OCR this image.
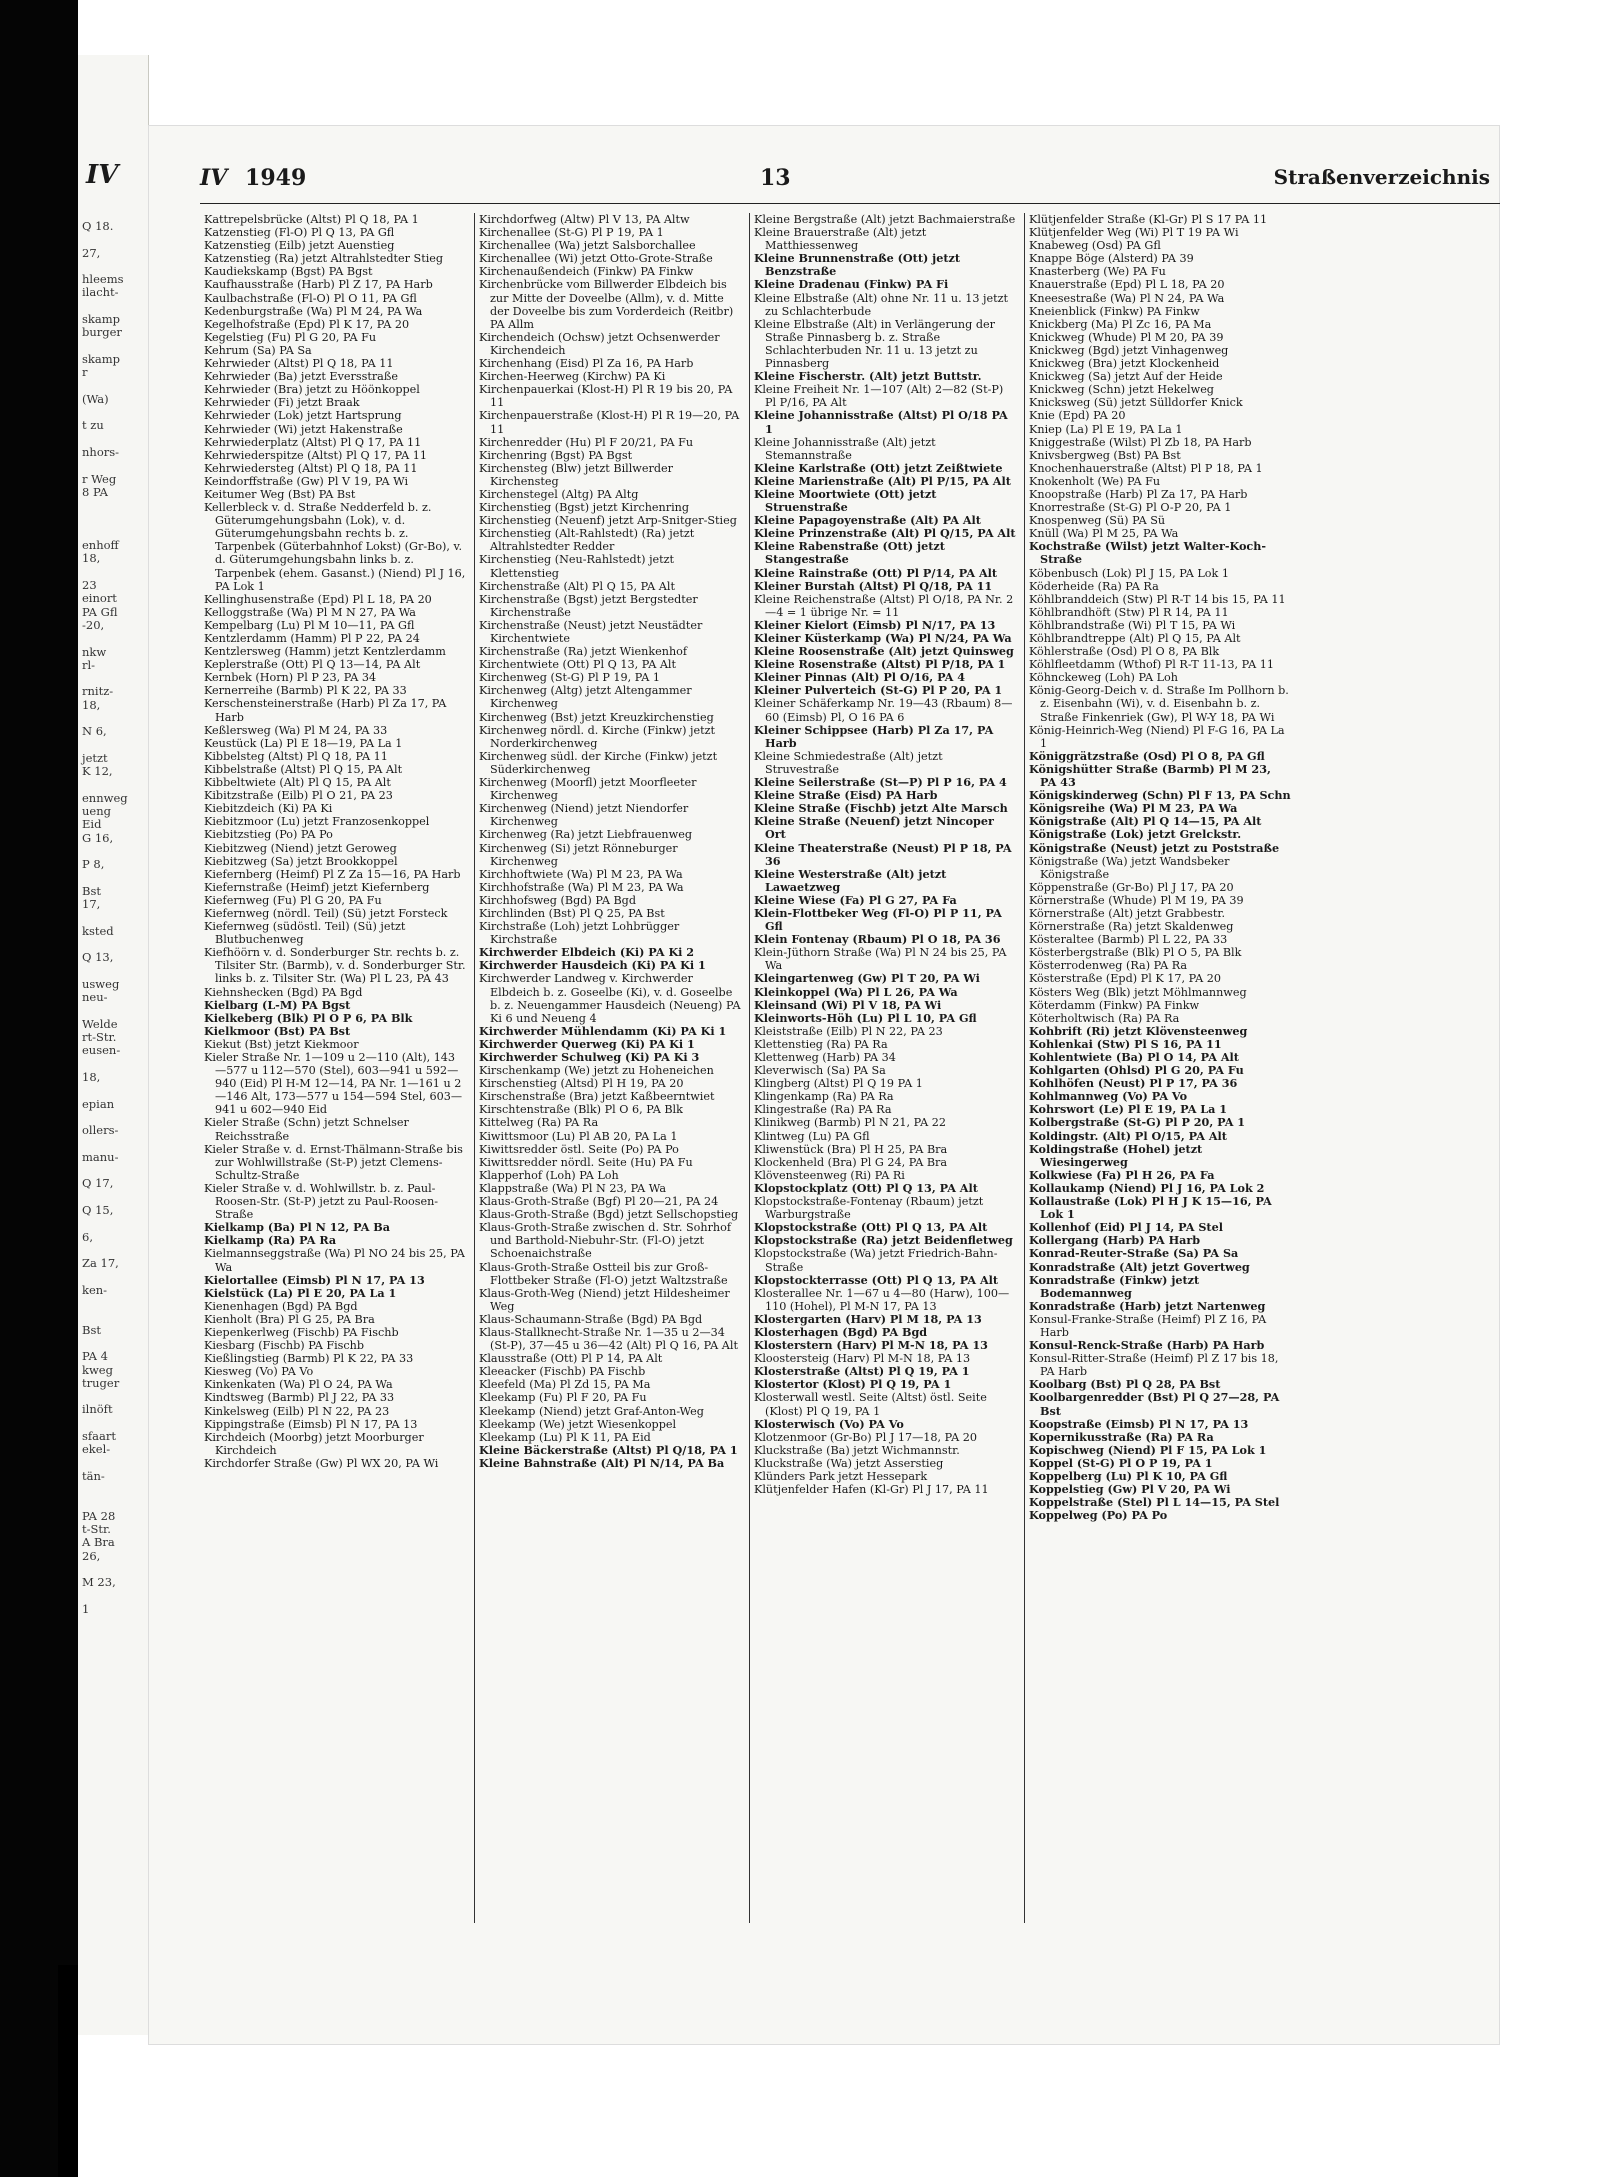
IV
Q 18.
27,
hleems
ilacht-
skamp
burger
skamp
r
(Wa)
t zu
nhors-
r Weg
8 PA
enhoff
18,
23
einort
PA Gfl
-20,
nkw
rl-
rnitz-
18,
N 6,
jetzt
K 12,
ennweg
ueng
Eid
G 16,
P 8,
Bst
17,
ksted
Q 13,
usweg
neu-
Welde
rt-Str.
eusen-
18,
epian
ollers-
manu-
Q 17,
Q 15,
6,
Za 17,
ken-
Bst
PA 4
kweg
truger
ilnöft
sfaart
ekel-
tän-
PA 28
t-Str.
A Bra
26,
M 23,
1
IV 1949	13	Straßenverzeichnis

Kattrepelsbrücke (Altst) Pl Q 18, PA 1

Katzenstieg (Fl-O) Pl Q 13, PA Gfl

Katzenstieg (Eilb) jetzt Auenstieg

Katzenstieg (Ra) jetzt Altrahlstedter Stieg

Kaudiekskamp (Bgst) PA Bgst

Kaufhausstraße (Harb) Pl Z 17, PA Harb

Kaulbachstraße (Fl-O) Pl O 11, PA Gfl

Kedenburgstraße (Wa) Pl M 24, PA Wa

Kegelhofstraße (Epd) Pl K 17, PA 20

Kegelstieg (Fu) Pl G 20, PA Fu

Kehrum (Sa) PA Sa

Kehrwieder (Altst) Pl Q 18, PA 11

Kehrwieder (Ba) jetzt Eversstraße

Kehrwieder (Bra) jetzt zu Höönkoppel

Kehrwieder (Fi) jetzt Braak

Kehrwieder (Lok) jetzt Hartsprung

Kehrwieder (Wi) jetzt Hakenstraße

Kehrwiederplatz (Altst) Pl Q 17, PA 11

Kehrwiederspitze (Altst) Pl Q 17, PA 11

Kehrwiedersteg (Altst) Pl Q 18, PA 11

Keindorffstraße (Gw) Pl V 19, PA Wi

Keitumer Weg (Bst) PA Bst

Kellerbleck v. d. Straße Nedderfeld b. z. Güterumgehungsbahn (Lok), v. d. Güterumgehungsbahn rechts b. z. Tarpenbek (Güterbahnhof Lokst) (Gr-Bo), v. d. Güterumgehungsbahn links b. z. Tarpenbek (ehem. Gasanst.) (Niend) Pl J 16, PA Lok 1

Kellinghusenstraße (Epd) Pl L 18, PA 20

Kelloggstraße (Wa) Pl M N 27, PA Wa

Kempelbarg (Lu) Pl M 10—11, PA Gfl

Kentzlerdamm (Hamm) Pl P 22, PA 24

Kentzlersweg (Hamm) jetzt Kentzlerdamm

Keplerstraße (Ott) Pl Q 13—14, PA Alt

Kernbek (Horn) Pl P 23, PA 34

Kernerreihe (Barmb) Pl K 22, PA 33

Kerschensteinerstraße (Harb) Pl Za 17, PA Harb

Keßlersweg (Wa) Pl M 24, PA 33

Keustück (La) Pl E 18—19, PA La 1

Kibbelsteg (Altst) Pl Q 18, PA 11

Kibbelstraße (Altst) Pl Q 15, PA Alt

Kibbeltwiete (Alt) Pl Q 15, PA Alt

Kibitzstraße (Eilb) Pl O 21, PA 23

Kiebitzdeich (Ki) PA Ki

Kiebitzmoor (Lu) jetzt Franzosenkoppel

Kiebitzstieg (Po) PA Po

Kiebitzweg (Niend) jetzt Geroweg

Kiebitzweg (Sa) jetzt Brookkoppel

Kiefernberg (Heimf) Pl Z Za 15—16, PA Harb

Kiefernstraße (Heimf) jetzt Kiefernberg

Kiefernweg (Fu) Pl G 20, PA Fu

Kiefernweg (nördl. Teil) (Sü) jetzt Forsteck

Kiefernweg (südöstl. Teil) (Sü) jetzt Blutbuchenweg

Kiefhöörn v. d. Sonderburger Str. rechts b. z. Tilsiter Str. (Barmb), v. d. Sonderburger Str. links b. z. Tilsiter Str. (Wa) Pl L 23, PA 43

Kiehnshecken (Bgd) PA Bgd

Kielbarg (L-M) PA Bgst

Kielkeberg (Blk) Pl O P 6, PA Blk

Kielkmoor (Bst) PA Bst

Kiekut (Bst) jetzt Kiekmoor

Kieler Straße Nr. 1—109 u 2—110 (Alt), 143—577 u 112—570 (Stel), 603—941 u 592—940 (Eid) Pl H-M 12—14, PA Nr. 1—161 u 2—146 Alt, 173—577 u 154—594 Stel, 603—941 u 602—940 Eid

Kieler Straße (Schn) jetzt Schnelser Reichsstraße

Kieler Straße v. d. Ernst-Thälmann-Straße bis zur Wohlwillstraße (St-P) jetzt Clemens-Schultz-Straße

Kieler Straße v. d. Wohlwillstr. b. z. Paul-Roosen-Str. (St-P) jetzt zu Paul-Roosen-Straße

Kielkamp (Ba) Pl N 12, PA Ba

Kielkamp (Ra) PA Ra

Kielmannseggstraße (Wa) Pl NO 24 bis 25, PA Wa

Kielortallee (Eimsb) Pl N 17, PA 13

Kielstück (La) Pl E 20, PA La 1

Kienenhagen (Bgd) PA Bgd

Kienholt (Bra) Pl G 25, PA Bra

Kiepenkerlweg (Fischb) PA Fischb

Kiesbarg (Fischb) PA Fischb

Kießlingstieg (Barmb) Pl K 22, PA 33

Kiesweg (Vo) PA Vo

Kinkenkaten (Wa) Pl O 24, PA Wa

Kindtsweg (Barmb) Pl J 22, PA 33

Kinkelsweg (Eilb) Pl N 22, PA 23

Kippingstraße (Eimsb) Pl N 17, PA 13

Kirchdeich (Moorbg) jetzt Moorburger Kirchdeich

Kirchdorfer Straße (Gw) Pl WX 20, PA Wi

Kirchdorfweg (Altw) Pl V 13, PA Altw

Kirchenallee (St-G) Pl P 19, PA 1

Kirchenallee (Wa) jetzt Salsborchallee

Kirchenallee (Wi) jetzt Otto-Grote-Straße

Kirchenaußendeich (Finkw) PA Finkw

Kirchenbrücke vom Billwerder Elbdeich bis zur Mitte der Doveelbe (Allm), v. d. Mitte der Doveelbe bis zum Vorderdeich (Reitbr) PA Allm

Kirchendeich (Ochsw) jetzt Ochsenwerder Kirchendeich

Kirchenhang (Eisd) Pl Za 16, PA Harb

Kirchen-Heerweg (Kirchw) PA Ki

Kirchenpauerkai (Klost-H) Pl R 19 bis 20, PA 11

Kirchenpauerstraße (Klost-H) Pl R 19—20, PA 11

Kirchenredder (Hu) Pl F 20/21, PA Fu

Kirchenring (Bgst) PA Bgst

Kirchensteg (Blw) jetzt Billwerder Kirchensteg

Kirchenstegel (Altg) PA Altg

Kirchenstieg (Bgst) jetzt Kirchenring

Kirchenstieg (Neuenf) jetzt Arp-Snitger-Stieg

Kirchenstieg (Alt-Rahlstedt) (Ra) jetzt Altrahlstedter Redder

Kirchenstieg (Neu-Rahlstedt) jetzt Klettenstieg

Kirchenstraße (Alt) Pl Q 15, PA Alt

Kirchenstraße (Bgst) jetzt Bergstedter Kirchenstraße

Kirchenstraße (Neust) jetzt Neustädter Kirchentwiete

Kirchenstraße (Ra) jetzt Wienkenhof

Kirchentwiete (Ott) Pl Q 13, PA Alt

Kirchenweg (St-G) Pl P 19, PA 1

Kirchenweg (Altg) jetzt Altengammer Kirchenweg

Kirchenweg (Bst) jetzt Kreuzkirchenstieg

Kirchenweg nördl. d. Kirche (Finkw) jetzt Norderkirchenweg

Kirchenweg südl. der Kirche (Finkw) jetzt Süderkirchenweg

Kirchenweg (Moorfl) jetzt Moorfleeter Kirchenweg

Kirchenweg (Niend) jetzt Niendorfer Kirchenweg

Kirchenweg (Ra) jetzt Liebfrauenweg

Kirchenweg (Si) jetzt Rönneburger Kirchenweg

Kirchhoftwiete (Wa) Pl M 23, PA Wa

Kirchhofstraße (Wa) Pl M 23, PA Wa

Kirchhofsweg (Bgd) PA Bgd

Kirchlinden (Bst) Pl Q 25, PA Bst

Kirchstraße (Loh) jetzt Lohbrügger Kirchstraße

Kirchwerder Elbdeich (Ki) PA Ki 2

Kirchwerder Hausdeich (Ki) PA Ki 1

Kirchwerder Landweg v. Kirchwerder Elbdeich b. z. Goseelbe (Ki), v. d. Goseelbe b. z. Neuengammer Hausdeich (Neueng) PA Ki 6 und Neueng 4

Kirchwerder Mühlendamm (Ki) PA Ki 1

Kirchwerder Querweg (Ki) PA Ki 1

Kirchwerder Schulweg (Ki) PA Ki 3

Kirschenkamp (We) jetzt zu Hoheneichen

Kirschenstieg (Altsd) Pl H 19, PA 20

Kirschenstraße (Bra) jetzt Kaßbeerntwiet

Kirschtenstraße (Blk) Pl O 6, PA Blk

Kittelweg (Ra) PA Ra

Kiwittsmoor (Lu) Pl AB 20, PA La 1

Kiwittsredder östl. Seite (Po) PA Po

Kiwittsredder nördl. Seite (Hu) PA Fu

Klapperhof (Loh) PA Loh

Klappstraße (Wa) Pl N 23, PA Wa

Klaus-Groth-Straße (Bgf) Pl 20—21, PA 24

Klaus-Groth-Straße (Bgd) jetzt Sellschopstieg

Klaus-Groth-Straße zwischen d. Str. Sohrhof und Barthold-Niebuhr-Str. (Fl-O) jetzt Schoenaichstraße

Klaus-Groth-Straße Ostteil bis zur Groß-Flottbeker Straße (Fl-O) jetzt Waltzstraße

Klaus-Groth-Weg (Niend) jetzt Hildesheimer Weg

Klaus-Schaumann-Straße (Bgd) PA Bgd

Klaus-Stallknecht-Straße Nr. 1—35 u 2—34 (St-P), 37—45 u 36—42 (Alt) Pl Q 16, PA Alt

Klausstraße (Ott) Pl P 14, PA Alt

Kleeacker (Fischb) PA Fischb

Kleefeld (Ma) Pl Zd 15, PA Ma

Kleekamp (Fu) Pl F 20, PA Fu

Kleekamp (Niend) jetzt Graf-Anton-Weg

Kleekamp (We) jetzt Wiesenkoppel

Kleekamp (Lu) Pl K 11, PA Eid

Kleine Bäckerstraße (Altst) Pl Q/18, PA 1

Kleine Bahnstraße (Alt) Pl N/14, PA Ba

Kleine Bergstraße (Alt) jetzt Bachmaierstraße

Kleine Brauerstraße (Alt) jetzt Matthiessenweg

Kleine Brunnenstraße (Ott) jetzt Benzstraße

Kleine Dradenau (Finkw) PA Fi

Kleine Elbstraße (Alt) ohne Nr. 11 u. 13 jetzt zu Schlachterbude

Kleine Elbstraße (Alt) in Verlängerung der Straße Pinnasberg b. z. Straße Schlachterbuden Nr. 11 u. 13 jetzt zu Pinnasberg

Kleine Fischerstr. (Alt) jetzt Buttstr.

Kleine Freiheit Nr. 1—107 (Alt) 2—82 (St-P) Pl P/16, PA Alt

Kleine Johannisstraße (Altst) Pl O/18 PA 1

Kleine Johannisstraße (Alt) jetzt Stemannstraße

Kleine Karlstraße (Ott) jetzt Zeißtwiete

Kleine Marienstraße (Alt) Pl P/15, PA Alt

Kleine Moortwiete (Ott) jetzt Struenstraße

Kleine Papagoyenstraße (Alt) PA Alt

Kleine Prinzenstraße (Alt) Pl Q/15, PA Alt

Kleine Rabenstraße (Ott) jetzt Stangestraße

Kleine Rainstraße (Ott) Pl P/14, PA Alt

Kleiner Burstah (Altst) Pl Q/18, PA 11

Kleine Reichenstraße (Altst) Pl O/18, PA Nr. 2—4 = 1 übrige Nr. = 11

Kleiner Kielort (Eimsb) Pl N/17, PA 13

Kleiner Küsterkamp (Wa) Pl N/24, PA Wa

Kleine Roosenstraße (Alt) jetzt Quinsweg

Kleine Rosenstraße (Altst) Pl P/18, PA 1

Kleiner Pinnas (Alt) Pl O/16, PA 4

Kleiner Pulverteich (St-G) Pl P 20, PA 1

Kleiner Schäferkamp Nr. 19—43 (Rbaum) 8—60 (Eimsb) Pl, O 16 PA 6

Kleiner Schippsee (Harb) Pl Za 17, PA Harb

Kleine Schmiedestraße (Alt) jetzt Struvestraße

Kleine Seilerstraße (St—P) Pl P 16, PA 4

Kleine Straße (Eisd) PA Harb

Kleine Straße (Fischb) jetzt Alte Marsch

Kleine Straße (Neuenf) jetzt Nincoper Ort

Kleine Theaterstraße (Neust) Pl P 18, PA 36

Kleine Westerstraße (Alt) jetzt Lawaetzweg

Kleine Wiese (Fa) Pl G 27, PA Fa

Klein-Flottbeker Weg (Fl-O) Pl P 11, PA Gfl

Klein Fontenay (Rbaum) Pl O 18, PA 36

Klein-Jüthorn Straße (Wa) Pl N 24 bis 25, PA Wa

Kleingartenweg (Gw) Pl T 20, PA Wi

Kleinkoppel (Wa) Pl L 26, PA Wa

Kleinsand (Wi) Pl V 18, PA Wi

Kleinworts-Höh (Lu) Pl L 10, PA Gfl

Kleiststraße (Eilb) Pl N 22, PA 23

Klettenstieg (Ra) PA Ra

Klettenweg (Harb) PA 34

Kleverwisch (Sa) PA Sa

Klingberg (Altst) Pl Q 19 PA 1

Klingenkamp (Ra) PA Ra

Klingestraße (Ra) PA Ra

Klinikweg (Barmb) Pl N 21, PA 22

Klintweg (Lu) PA Gfl

Kliwenstück (Bra) Pl H 25, PA Bra

Klockenheld (Bra) Pl G 24, PA Bra

Klövensteenweg (Ri) PA Ri

Klopstockplatz (Ott) Pl Q 13, PA Alt

Klopstockstraße-Fontenay (Rbaum) jetzt Warburgstraße

Klopstockstraße (Ott) Pl Q 13, PA Alt

Klopstockstraße (Ra) jetzt Beidenfletweg

Klopstockstraße (Wa) jetzt Friedrich-Bahn-Straße

Klopstockterrasse (Ott) Pl Q 13, PA Alt

Klosterallee Nr. 1—67 u 4—80 (Harw), 100—110 (Hohel), Pl M-N 17, PA 13

Klostergarten (Harv) Pl M 18, PA 13

Klosterhagen (Bgd) PA Bgd

Klosterstern (Harv) Pl M-N 18, PA 13

Kloostersteig (Harv) Pl M-N 18, PA 13

Klosterstraße (Altst) Pl Q 19, PA 1

Klostertor (Klost) Pl Q 19, PA 1

Klosterwall westl. Seite (Altst) östl. Seite (Klost) Pl Q 19, PA 1

Klosterwisch (Vo) PA Vo

Klotzenmoor (Gr-Bo) Pl J 17—18, PA 20

Kluckstraße (Ba) jetzt Wichmannstr.

Kluckstraße (Wa) jetzt Asserstieg

Klünders Park jetzt Hessepark

Klütjenfelder Hafen (Kl-Gr) Pl J 17, PA 11

Klütjenfelder Straße (Kl-Gr) Pl S 17 PA 11

Klütjenfelder Weg (Wi) Pl T 19 PA Wi

Knabeweg (Osd) PA Gfl

Knappe Böge (Alsterd) PA 39

Knasterberg (We) PA Fu

Knauerstraße (Epd) Pl L 18, PA 20

Kneesestraße (Wa) Pl N 24, PA Wa

Kneienblick (Finkw) PA Finkw

Knickberg (Ma) Pl Zc 16, PA Ma

Knickweg (Whude) Pl M 20, PA 39

Knickweg (Bgd) jetzt Vinhagenweg

Knickweg (Bra) jetzt Klockenheid

Knickweg (Sa) jetzt Auf der Heide

Knickweg (Schn) jetzt Hekelweg

Knicksweg (Sü) jetzt Sülldorfer Knick

Knie (Epd) PA 20

Kniep (La) Pl E 19, PA La 1

Kniggestraße (Wilst) Pl Zb 18, PA Harb

Knivsbergweg (Bst) PA Bst

Knochenhauerstraße (Altst) Pl P 18, PA 1

Knokenholt (We) PA Fu

Knoopstraße (Harb) Pl Za 17, PA Harb

Knorrestraße (St-G) Pl O-P 20, PA 1

Knospenweg (Sü) PA Sü

Knüll (Wa) Pl M 25, PA Wa

Kochstraße (Wilst) jetzt Walter-Koch-Straße

Köbenbusch (Lok) Pl J 15, PA Lok 1

Köderheide (Ra) PA Ra

Köhlbranddeich (Stw) Pl R-T 14 bis 15, PA 11

Köhlbrandhöft (Stw) Pl R 14, PA 11

Köhlbrandstraße (Wi) Pl T 15, PA Wi

Köhlbrandtreppe (Alt) Pl Q 15, PA Alt

Köhlerstraße (Osd) Pl O 8, PA Blk

Köhlfleetdamm (Wthof) Pl R-T 11-13, PA 11

Köhnckeweg (Loh) PA Loh

König-Georg-Deich v. d. Straße Im Pollhorn b. z. Eisenbahn (Wi), v. d. Eisenbahn b. z. Straße Finkenriek (Gw), Pl W-Y 18, PA Wi

König-Heinrich-Weg (Niend) Pl F-G 16, PA La 1

Königgrätzstraße (Osd) Pl O 8, PA Gfl

Königshütter Straße (Barmb) Pl M 23, PA 43

Königskinderweg (Schn) Pl F 13, PA Schn

Königsreihe (Wa) Pl M 23, PA Wa

Königstraße (Alt) Pl Q 14—15, PA Alt

Königstraße (Lok) jetzt Grelckstr.

Königstraße (Neust) jetzt zu Poststraße

Königstraße (Wa) jetzt Wandsbeker Königstraße

Köppenstraße (Gr-Bo) Pl J 17, PA 20

Körnerstraße (Whude) Pl M 19, PA 39

Körnerstraße (Alt) jetzt Grabbestr.

Körnerstraße (Ra) jetzt Skaldenweg

Kösteraltee (Barmb) Pl L 22, PA 33

Kösterbergstraße (Blk) Pl O 5, PA Blk

Kösterrodenweg (Ra) PA Ra

Kösterstraße (Epd) Pl K 17, PA 20

Kösters Weg (Blk) jetzt Möhlmannweg

Köterdamm (Finkw) PA Finkw

Köterholtwisch (Ra) PA Ra

Kohbrift (Ri) jetzt Klövensteenweg

Kohlenkai (Stw) Pl S 16, PA 11

Kohlentwiete (Ba) Pl O 14, PA Alt

Kohlgarten (Ohlsd) Pl G 20, PA Fu

Kohlhöfen (Neust) Pl P 17, PA 36

Kohlmannweg (Vo) PA Vo

Kohrswort (Le) Pl E 19, PA La 1

Kolbergstraße (St-G) Pl P 20, PA 1

Koldingstr. (Alt) Pl O/15, PA Alt

Koldingstraße (Hohel) jetzt Wiesingerweg

Kolkwiese (Fa) Pl H 26, PA Fa

Kollaukamp (Niend) Pl J 16, PA Lok 2

Kollaustraße (Lok) Pl H J K 15—16, PA Lok 1

Kollenhof (Eid) Pl J 14, PA Stel

Kollergang (Harb) PA Harb

Konrad-Reuter-Straße (Sa) PA Sa

Konradstraße (Alt) jetzt Govertweg

Konradstraße (Finkw) jetzt Bodemannweg

Konradstraße (Harb) jetzt Nartenweg

Konsul-Franke-Straße (Heimf) Pl Z 16, PA Harb

Konsul-Renck-Straße (Harb) PA Harb

Konsul-Ritter-Straße (Heimf) Pl Z 17 bis 18, PA Harb

Koolbarg (Bst) Pl Q 28, PA Bst

Koolbargenredder (Bst) Pl Q 27—28, PA Bst

Koopstraße (Eimsb) Pl N 17, PA 13

Kopernikusstraße (Ra) PA Ra

Kopischweg (Niend) Pl F 15, PA Lok 1

Koppel (St-G) Pl O P 19, PA 1

Koppelberg (Lu) Pl K 10, PA Gfl

Koppelstieg (Gw) Pl V 20, PA Wi

Koppelstraße (Stel) Pl L 14—15, PA Stel

Koppelweg (Po) PA Po
